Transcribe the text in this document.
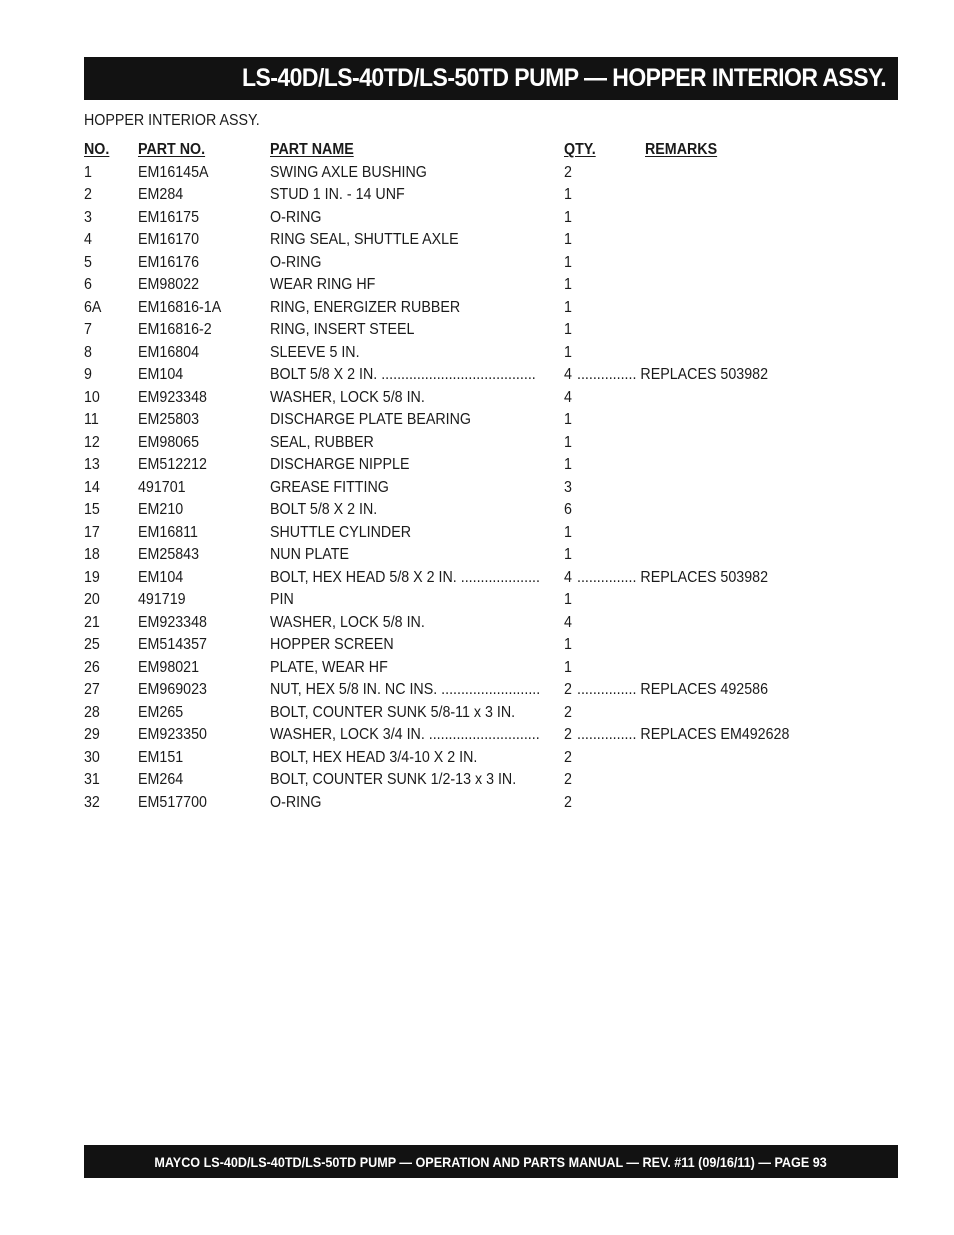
LS-40D/LS-40TD/LS-50TD PUMP — HOPPER INTERIOR ASSY.
HOPPER INTERIOR ASSY.
NO. PART NO.	PART NAME	QTY.	REMARKS
1	EM16145A	SWING AXLE BUSHING	2
2	EM284	STUD 1 IN. - 14 UNF	1
3	EM16175	O-RING	1
4	EM16170	RING SEAL, SHUTTLE AXLE	1
5	EM16176	O-RING	1
6	EM98022	WEAR RING HF	1
6A EM16816-1A	RING, ENERGIZER RUBBER	1
7	EM16816-2	RING, INSERT STEEL	1
8	EM16804	SLEEVE 5 IN.	1
9	EM104	BOLT 5/8 X 2 IN. ....................................... 4 ............... REPLACES 503982
10 EM923348	WASHER, LOCK 5/8 IN.	4
11	EM25803	DISCHARGE PLATE BEARING	1
12 EM98065	SEAL, RUBBER	1
13 EM512212	DISCHARGE NIPPLE	1
14 491701	GREASE FITTING	3
15 EM210	BOLT 5/8 X 2 IN.	6
17 EM16811	SHUTTLE CYLINDER	1
18 EM25843	NUN PLATE	1
19 EM104	BOLT, HEX HEAD 5/8 X 2 IN. .................... 4 ............... REPLACES 503982
20 491719	PIN	1
21 EM923348	WASHER, LOCK 5/8 IN.	4
25 EM514357	HOPPER SCREEN	1
26 EM98021	PLATE, WEAR HF	1
27 EM969023	NUT, HEX 5/8 IN. NC INS. ......................... 2 ............... REPLACES 492586
28 EM265	BOLT, COUNTER SUNK 5/8-11 x 3 IN.	2
29 EM923350	WASHER, LOCK 3/4 IN. ............................ 2 ............... REPLACES EM492628
30 EM151	BOLT, HEX HEAD 3/4-10 X 2 IN.	2
31 EM264	BOLT, COUNTER SUNK 1/2-13 x 3 IN.	2
32 EM517700	O-RING	2
MAYCO LS-40D/LS-40TD/LS-50TD PUMP — OPERATION AND PARTS MANUAL — REV. #11 (09/16/11) — PAGE 93
